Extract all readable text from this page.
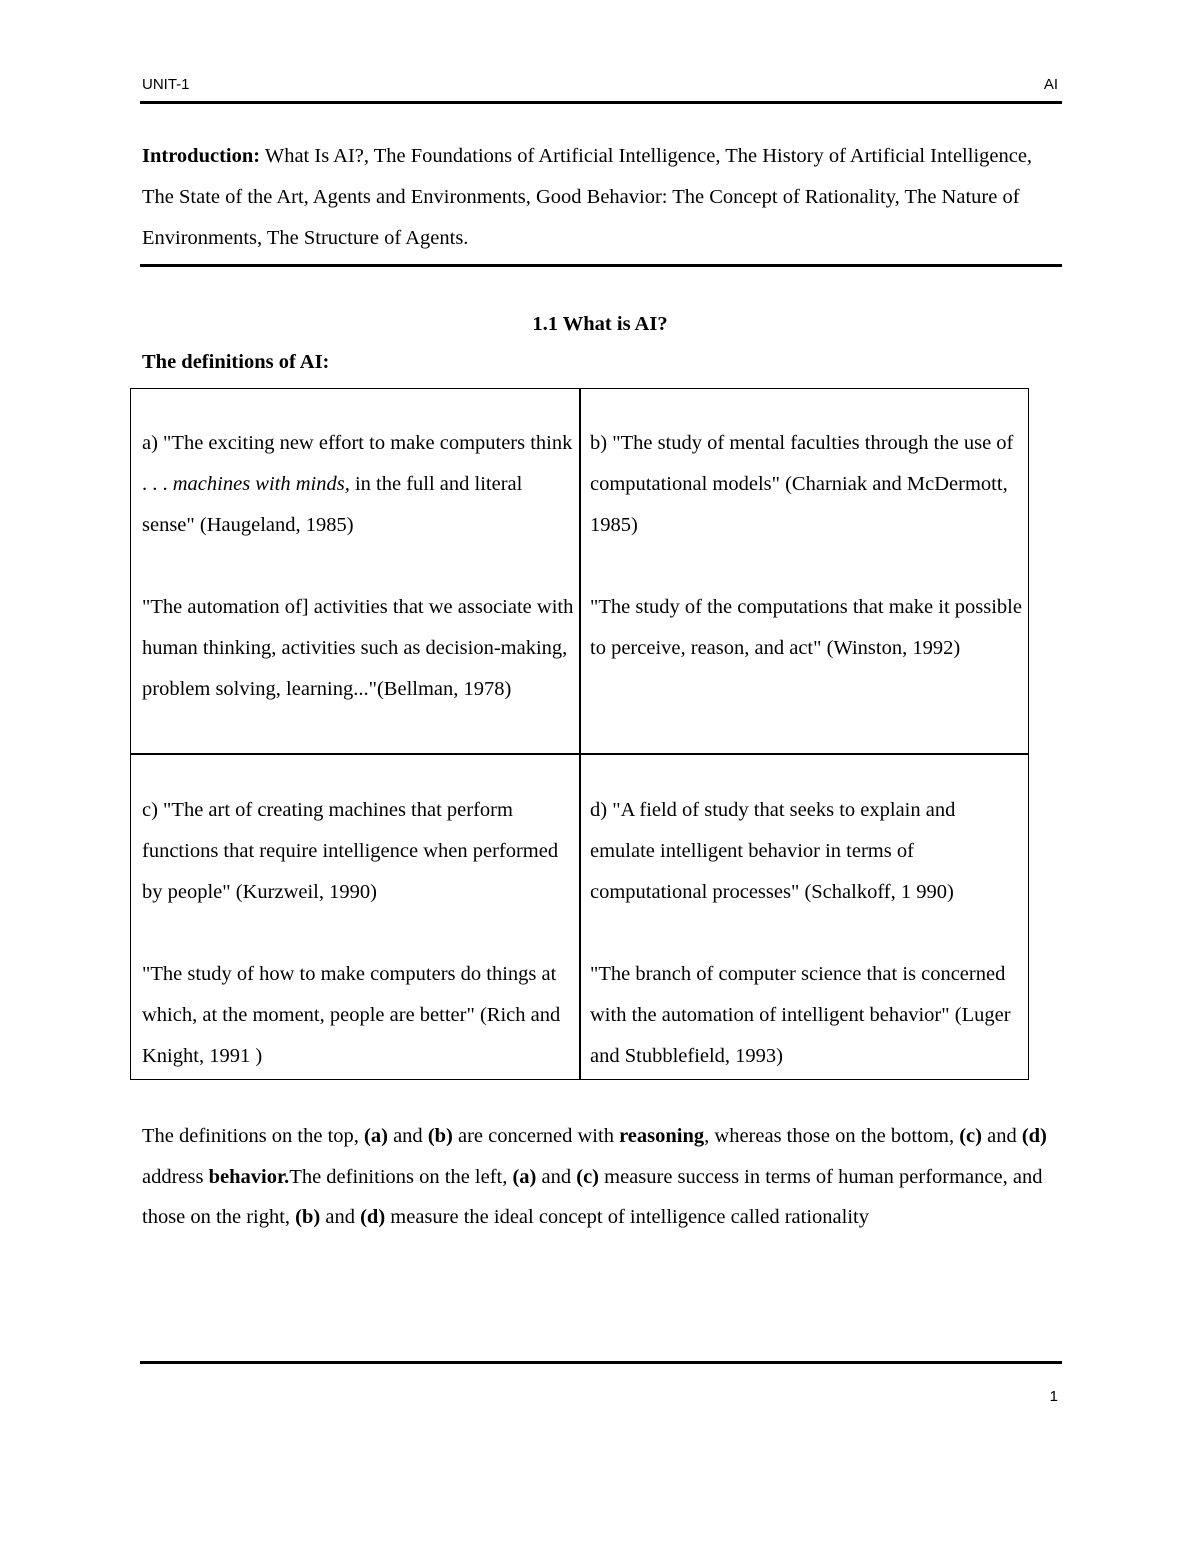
UNIT-1	AI
Introduction: What Is AI?, The Foundations of Artificial Intelligence, The History of Artificial Intelligence, The State of the Art, Agents and Environments, Good Behavior: The Concept of Rationality, The Nature of Environments, The Structure of Agents.
1.1 What is AI?
The definitions of AI:

a) "The exciting new effort to make computers think . . . machines with minds, in the full and literal sense" (Haugeland, 1985)

"The automation of] activities that we associate with human thinking, activities such as decision-making, problem solving, learning..."(Bellman, 1978)

b) "The study of mental faculties through the use of computational models" (Charniak and McDermott, 1985)

"The study of the computations that make it possible to perceive, reason, and act" (Winston, 1992)

c) "The art of creating machines that perform functions that require intelligence when performed by people" (Kurzweil, 1990)

"The study of how to make computers do things at which, at the moment, people are better" (Rich and Knight, 1991 )

d) "A field of study that seeks to explain and emulate intelligent behavior in terms of computational processes" (Schalkoff, 1 990)

"The branch of computer science that is concerned with the automation of intelligent behavior" (Luger and Stubblefield, 1993)

The definitions on the top, (a) and (b) are concerned with reasoning, whereas those on the bottom, (c) and (d) address behavior.The definitions on the left, (a) and (c) measure success in terms of human performance, and those on the right, (b) and (d) measure the ideal concept of intelligence called rationality
1
